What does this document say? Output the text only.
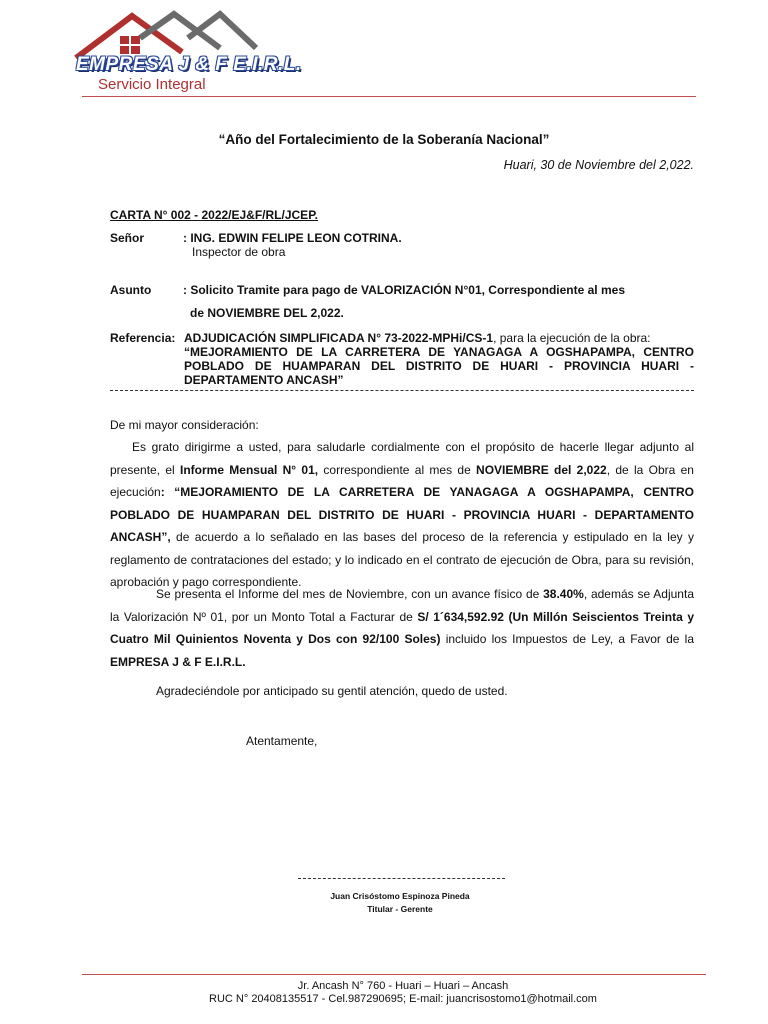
EMPRESA J & F E.I.R.L.
Servicio Integral
“Año del Fortalecimiento de la Soberanía Nacional”
Huari, 30 de Noviembre del 2,022.
CARTA N° 002 - 2022/EJ&F/RL/JCEP.
Señor	: ING. EDWIN FELIPE LEON COTRINA.
Inspector de obra
Asunto	: Solicito Tramite para pago de VALORIZACIÓN N°01, Correspondiente al mes
de NOVIEMBRE DEL 2,022.
Referencia: ADJUDICACIÓN SIMPLIFICADA N° 73-2022-MPHi/CS-1, para la ejecución de la obra:
“MEJORAMIENTO DE LA CARRETERA DE YANAGAGA A OGSHAPAMPA, CENTRO POBLADO DE HUAMPARAN DEL DISTRITO DE HUARI - PROVINCIA HUARI - DEPARTAMENTO ANCASH”
De mi mayor consideración:
Es grato dirigirme a usted, para saludarle cordialmente con el propósito de hacerle llegar adjunto al presente, el Informe Mensual N° 01, correspondiente al mes de NOVIEMBRE del 2,022, de la Obra en ejecución: “MEJORAMIENTO DE LA CARRETERA DE YANAGAGA A OGSHAPAMPA, CENTRO POBLADO DE HUAMPARAN DEL DISTRITO DE HUARI - PROVINCIA HUARI - DEPARTAMENTO ANCASH”, de acuerdo a lo señalado en las bases del proceso de la referencia y estipulado en la ley y reglamento de contrataciones del estado; y lo indicado en el contrato de ejecución de Obra, para su revisión, aprobación y pago correspondiente.
Se presenta el Informe del mes de Noviembre, con un avance físico de 38.40%, además se Adjunta la Valorización Nº 01, por un Monto Total a Facturar de S/ 1´634,592.92 (Un Millón Seiscientos Treinta y Cuatro Mil Quinientos Noventa y Dos con 92/100 Soles) incluido los Impuestos de Ley, a Favor de la EMPRESA J & F E.I.R.L.
Agradeciéndole por anticipado su gentil atención, quedo de usted.
Atentamente,
Juan Crisóstomo Espinoza Pineda
Titular - Gerente
Jr. Ancash N° 760 - Huari – Huari – Ancash
RUC N° 20408135517 - Cel.987290695; E-mail: juancrisostomo1@hotmail.com
